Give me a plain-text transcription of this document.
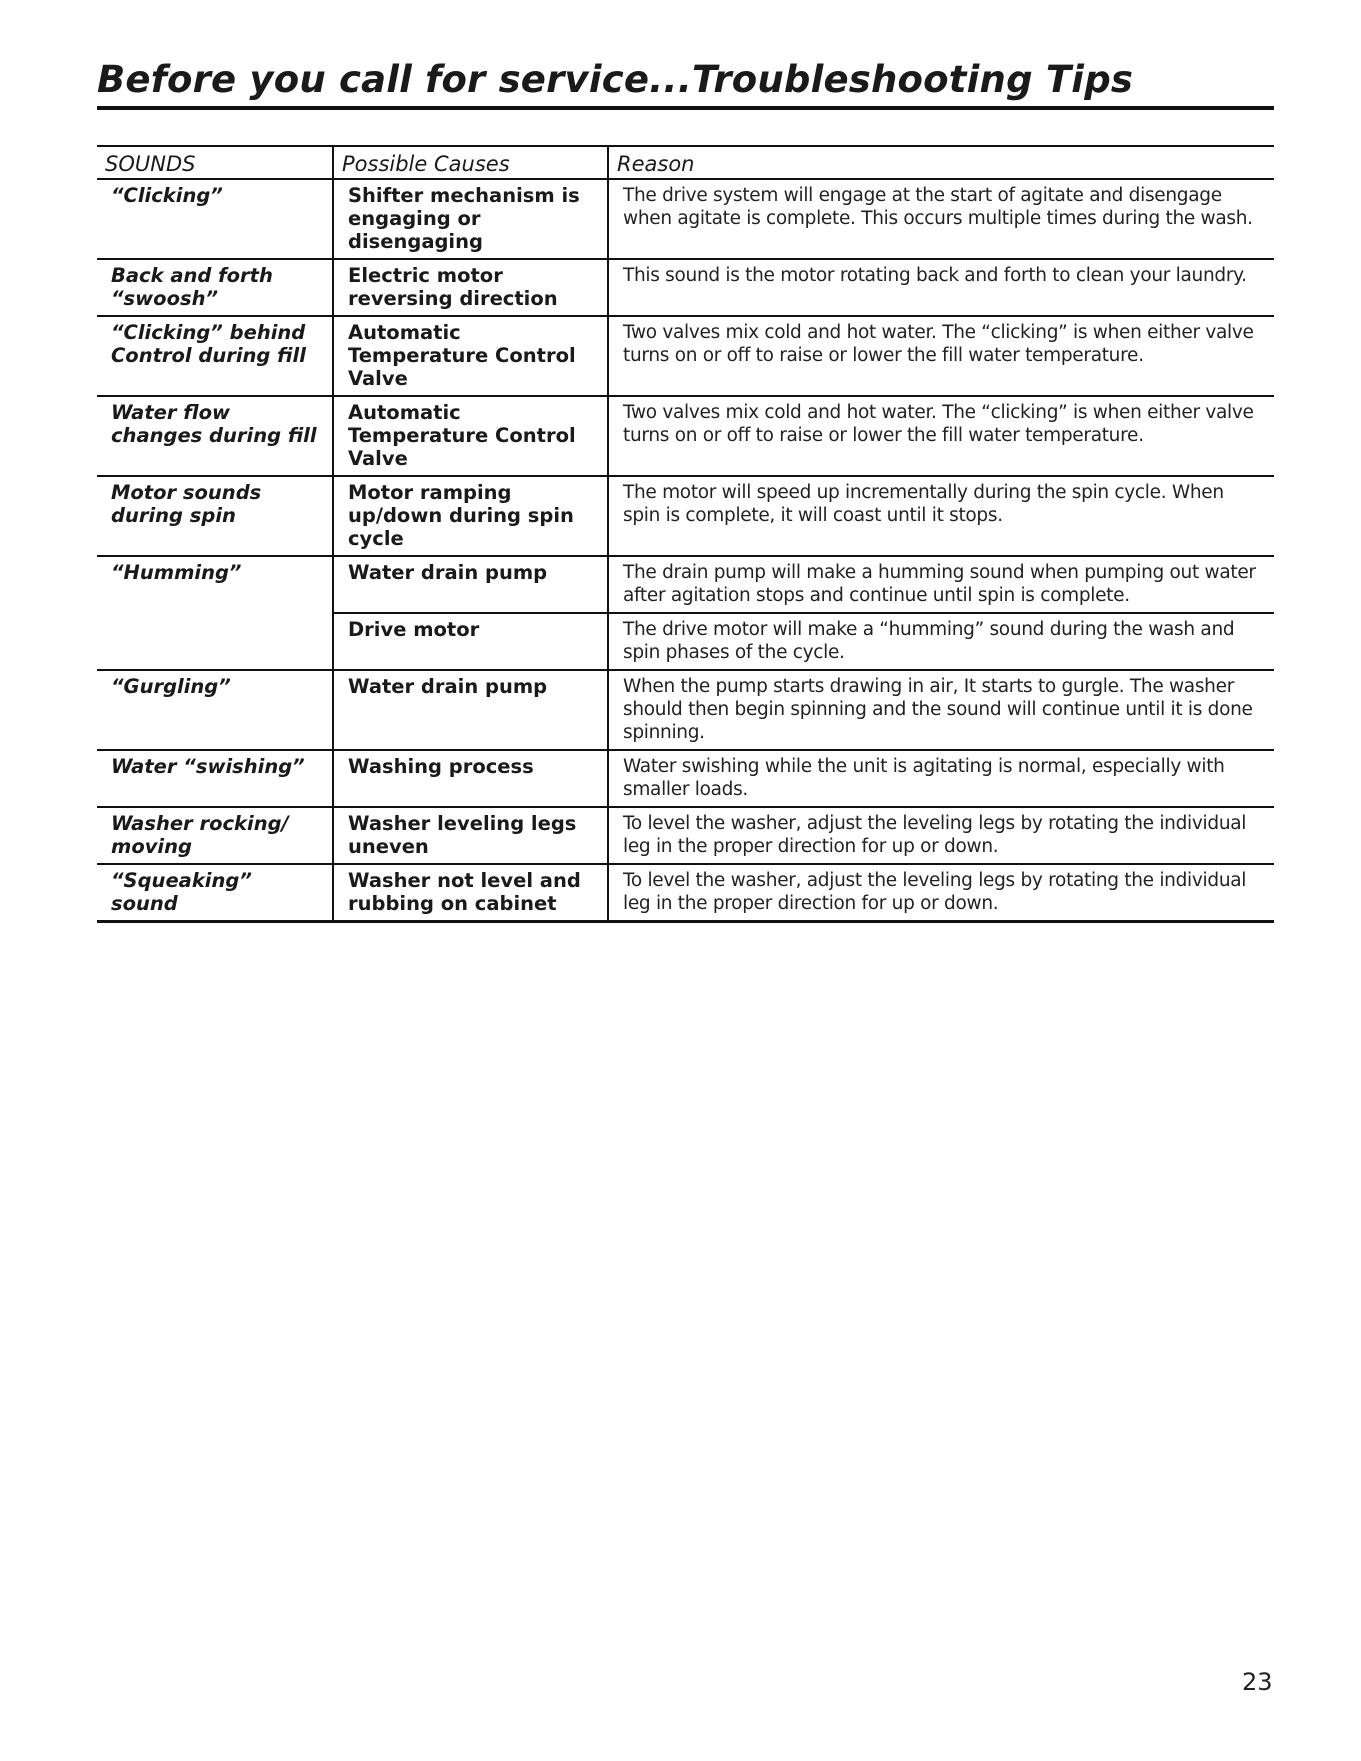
Before you call for service...Troubleshooting Tips
SOUNDS	Possible Causes	Reason
“Clicking”	Shifter mechanism is engaging or disengaging	The drive system will engage at the start of agitate and disengage when agitate is complete. This occurs multiple times during the wash.
Back and forth “swoosh”	Electric motor reversing direction	This sound is the motor rotating back and forth to clean your laundry.
“Clicking” behind Control during fill	Automatic Temperature Control Valve	Two valves mix cold and hot water. The “clicking” is when either valve turns on or off to raise or lower the fill water temperature.
Water flow changes during fill	Automatic Temperature Control Valve	Two valves mix cold and hot water. The “clicking” is when either valve turns on or off to raise or lower the fill water temperature.
Motor sounds during spin	Motor ramping up/down during spin cycle	The motor will speed up incrementally during the spin cycle. When spin is complete, it will coast until it stops.
“Humming”	Water drain pump	The drain pump will make a humming sound when pumping out water after agitation stops and continue until spin is complete.
	Drive motor	The drive motor will make a “humming” sound during the wash and spin phases of the cycle.
“Gurgling”	Water drain pump	When the pump starts drawing in air, It starts to gurgle. The washer should then begin spinning and the sound will continue until it is done spinning.
Water “swishing”	Washing process	Water swishing while the unit is agitating is normal, especially with smaller loads.
Washer rocking/ moving	Washer leveling legs uneven	To level the washer, adjust the leveling legs by rotating the individual leg in the proper direction for up or down.
“Squeaking” sound	Washer not level and rubbing on cabinet	To level the washer, adjust the leveling legs by rotating the individual leg in the proper direction for up or down.
23
